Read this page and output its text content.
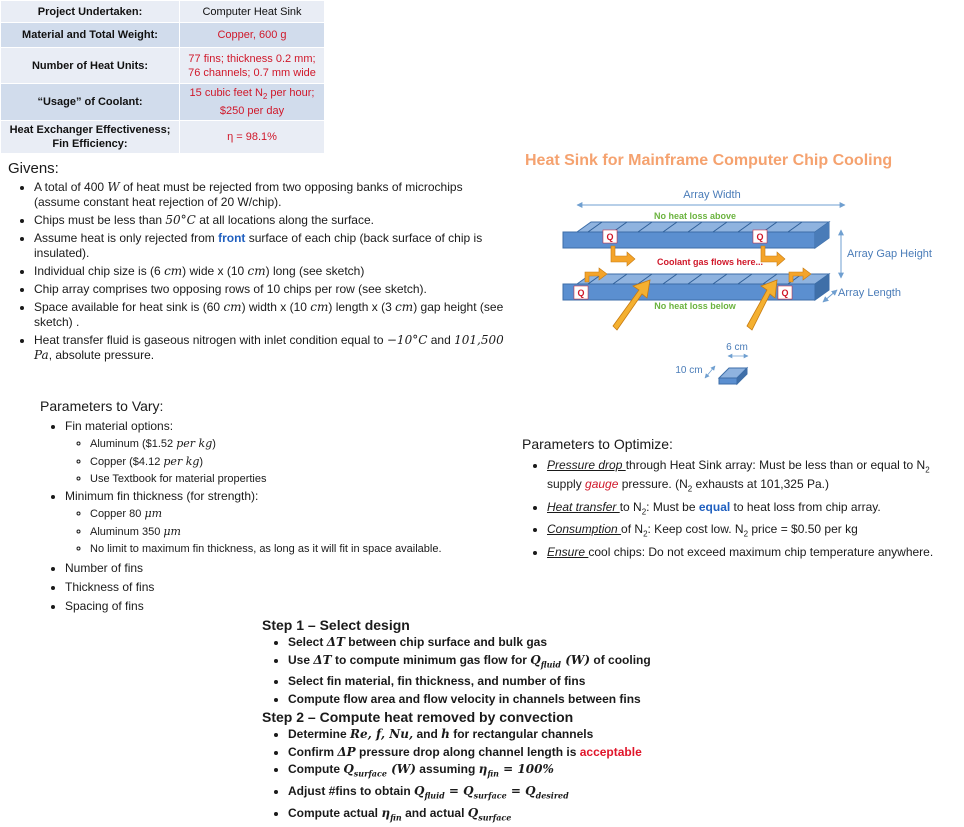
Project Undertaken:	Computer Heat Sink
Material and Total Weight:	Copper, 600 g
Number of Heat Units:	77 fins; thickness 0.2 mm;
76 channels; 0.7 mm wide

“Usage” of Coolant:	15 cubic feet $N_2$ per hour;
$250 per day

Heat Exchanger Effectiveness;
Fin Efficiency:	η = 98.1%
Givens:
• A total of 400 W of heat must be rejected from two opposing banks of microchips (assume constant heat rejection of 20 W/chip).
• Chips must be less than 50°C at all locations along the surface.
• Assume heat is only rejected from front surface of each chip (back surface of chip is insulated).
• Individual chip size is (6 cm) wide x (10 cm) long (see sketch)
• Chip array comprises two opposing rows of 10 chips per row (see sketch).
• Space available for heat sink is (60 cm) width x (10 cm) length x (3 cm) gap height (see sketch) .
• Heat transfer fluid is gaseous nitrogen with inlet condition equal to −10°C and 101,500 Pa, absolute pressure.
Parameters to Vary:
• Fin material options:
◦ Aluminum ($1.52 per kg)
◦ Copper ($4.12 per kg)
◦ Use Textbook for material properties
• Minimum fin thickness (for strength):
◦ Copper 80 μm
◦ Aluminum 350 μm
◦ No limit to maximum fin thickness, as long as it will fit in space available.
• Number of fins
• Thickness of fins
• Spacing of fins
Heat Sink for Mainframe Computer Chip Cooling
Array Width
No heat loss above
Q	Q
Q	Q
Coolant gas flows here...
No heat loss below
Array Gap Height
Array Length
6 cm
10 cm
Parameters to Optimize:
• Pressure drop through Heat Sink array: Must be less than or equal to $N_2$ supply gauge pressure. ($N_2$ exhausts at 101,325 Pa.)
• Heat transfer to $N_2$: Must be equal to heat loss from chip array.
• Consumption of $N_2$: Keep cost low. $N_2$ price = $0.50 per kg
• Ensure cool chips: Do not exceed maximum chip temperature anywhere.
Step 1 – Select design
• Select ΔT between chip surface and bulk gas
• Use ΔT to compute minimum gas flow for $Q_{fluid}$ (W) of cooling
• Select fin material, fin thickness, and number of fins
• Compute flow area and flow velocity in channels between fins
Step 2 – Compute heat removed by convection
• Determine Re, f, Nu, and h for rectangular channels
• Confirm ΔP pressure drop along channel length is acceptable
• Compute $Q_{surface}$ (W) assuming $\eta_{fin} = 100\%$
• Adjust #fins to obtain $Q_{fluid} = Q_{surface} = Q_{desired}$
• Compute actual $\eta_{fin}$ and actual $Q_{surface}$
